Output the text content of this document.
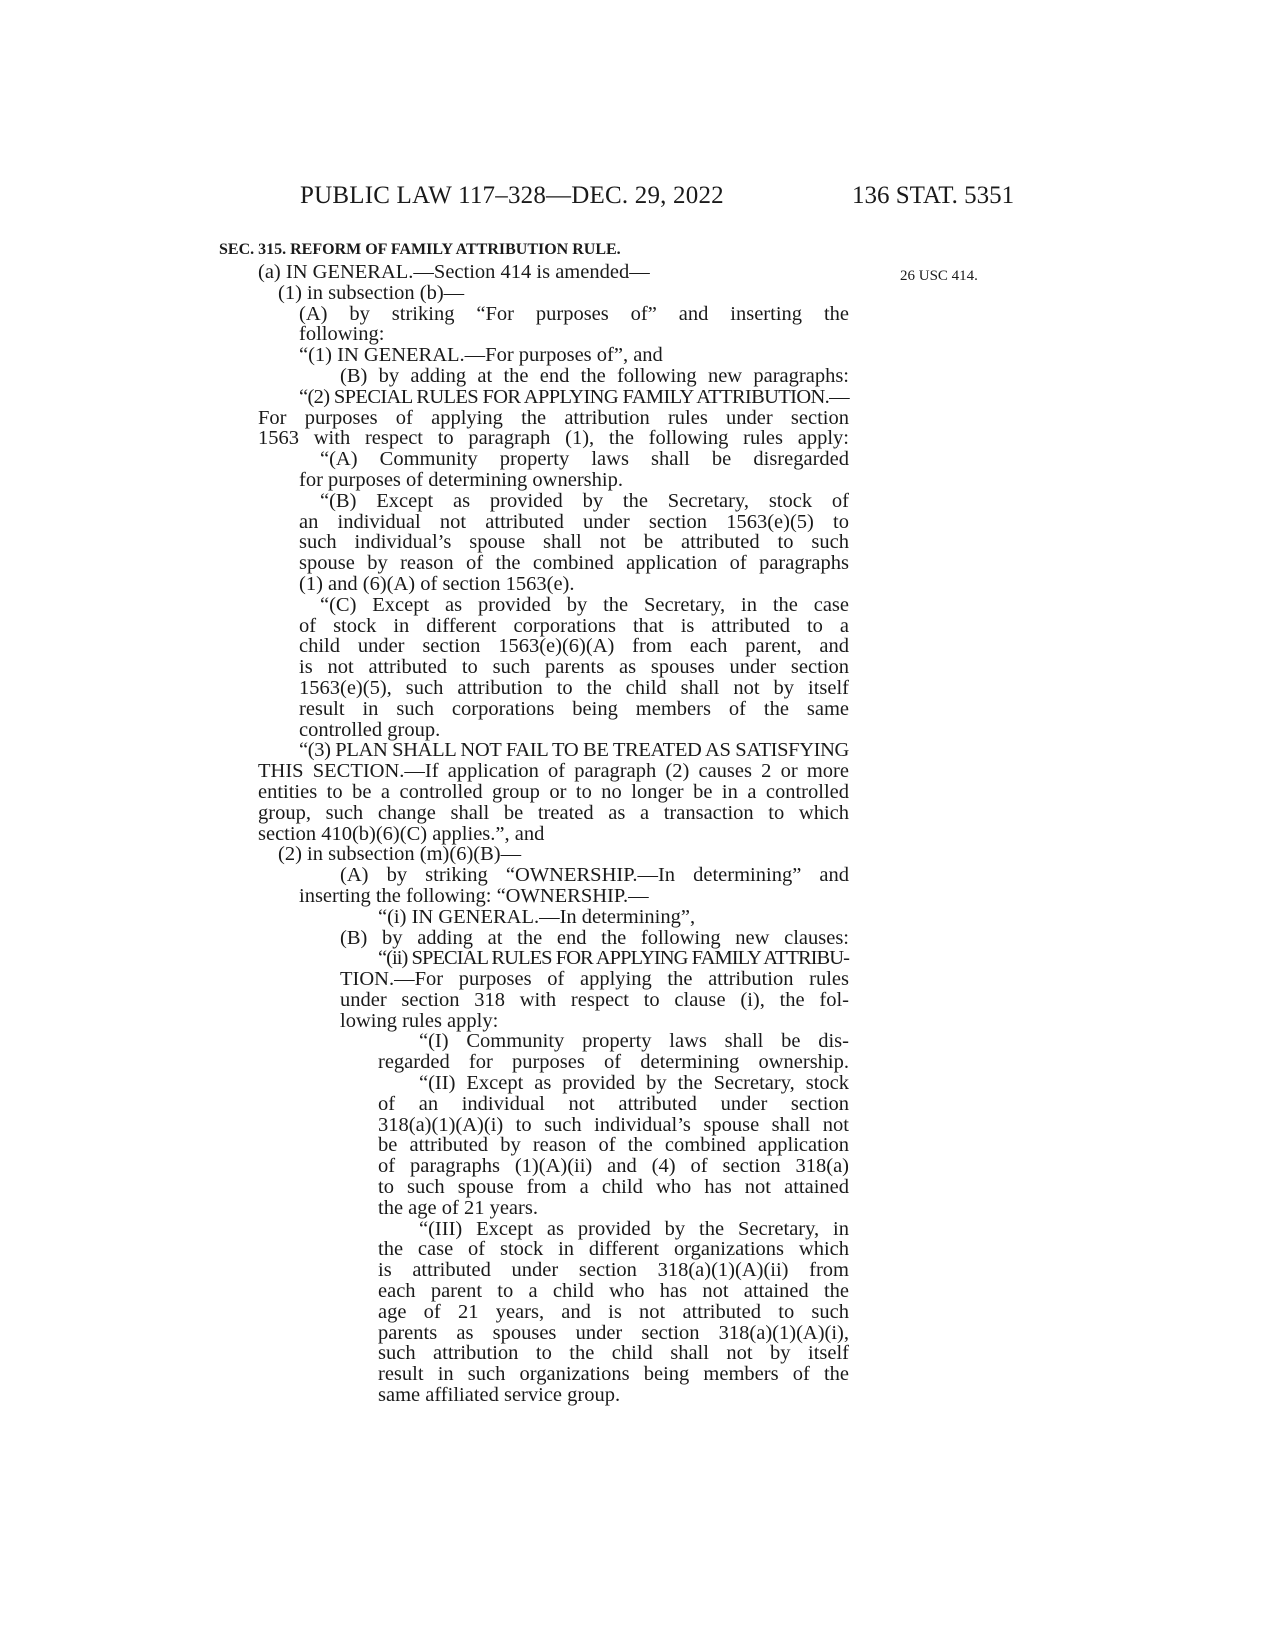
PUBLIC LAW 117–328—DEC. 29, 2022	136 STAT. 5351
SEC. 315. REFORM OF FAMILY ATTRIBUTION RULE.
26 USC 414.
(a) IN GENERAL.—Section 414 is amended—
(1) in subsection (b)—
(A) by striking “For purposes of” and inserting the
following:
“(1) IN GENERAL.—For purposes of”, and
(B) by adding at the end the following new paragraphs:
“(2) SPECIAL RULES FOR APPLYING FAMILY ATTRIBUTION.—
For purposes of applying the attribution rules under section
1563 with respect to paragraph (1), the following rules apply:
“(A) Community property laws shall be disregarded
for purposes of determining ownership.
“(B) Except as provided by the Secretary, stock of
an individual not attributed under section 1563(e)(5) to
such individual’s spouse shall not be attributed to such
spouse by reason of the combined application of paragraphs
(1) and (6)(A) of section 1563(e).
“(C) Except as provided by the Secretary, in the case
of stock in different corporations that is attributed to a
child under section 1563(e)(6)(A) from each parent, and
is not attributed to such parents as spouses under section
1563(e)(5), such attribution to the child shall not by itself
result in such corporations being members of the same
controlled group.
“(3) PLAN SHALL NOT FAIL TO BE TREATED AS SATISFYING
THIS SECTION.—If application of paragraph (2) causes 2 or more
entities to be a controlled group or to no longer be in a controlled
group, such change shall be treated as a transaction to which
section 410(b)(6)(C) applies.”, and
(2) in subsection (m)(6)(B)—
(A) by striking “OWNERSHIP.—In determining” and
inserting the following: “OWNERSHIP.—
“(i) IN GENERAL.—In determining”,
(B) by adding at the end the following new clauses:
“(ii) SPECIAL RULES FOR APPLYING FAMILY ATTRIBU-
TION.—For purposes of applying the attribution rules
under section 318 with respect to clause (i), the fol-
lowing rules apply:
“(I) Community property laws shall be dis-
regarded for purposes of determining ownership.
“(II) Except as provided by the Secretary, stock
of an individual not attributed under section
318(a)(1)(A)(i) to such individual’s spouse shall not
be attributed by reason of the combined application
of paragraphs (1)(A)(ii) and (4) of section 318(a)
to such spouse from a child who has not attained
the age of 21 years.
“(III) Except as provided by the Secretary, in
the case of stock in different organizations which
is attributed under section 318(a)(1)(A)(ii) from
each parent to a child who has not attained the
age of 21 years, and is not attributed to such
parents as spouses under section 318(a)(1)(A)(i),
such attribution to the child shall not by itself
result in such organizations being members of the
same affiliated service group.
